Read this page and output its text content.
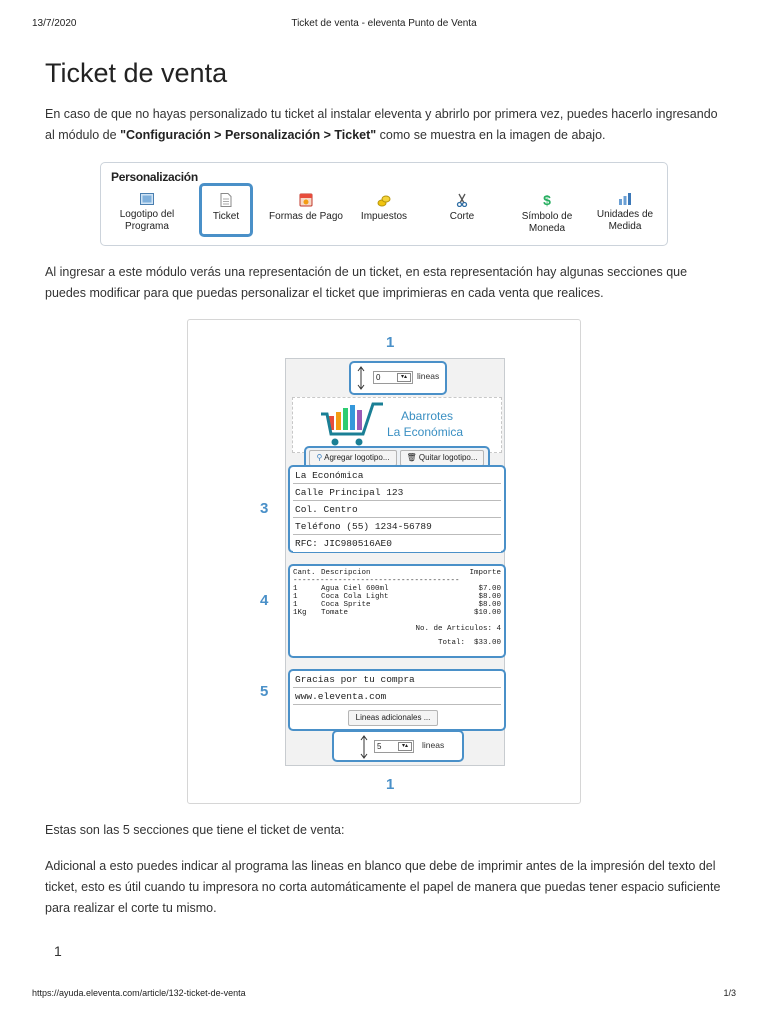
13/7/2020	Ticket de venta - eleventa Punto de Venta
Ticket de venta

En caso de que no hayas personalizado tu ticket al instalar eleventa y abrirlo por primera vez, puedes hacerlo ingresando al módulo de "Configuración > Personalización > Ticket" como se muestra en la imagen de abajo.

Personalización
Logotipo del
Programa
Ticket	Formas de Pago	Impuestos	Corte
$
Símbolo de
Moneda
Unidades de
Medida

Al ingresar a este módulo verás una representación de un ticket, en esta representación hay algunas secciones que puedes modificar para que puedas personalizar el ticket que imprimieras en cada venta que realices.

1
3
4
5
1
0	▾▴	lineas
Abarrotes
La Económica
⚲ Agregar logotipo...	🗑 Quitar logotipo...
La Económica
Calle Principal 123
Col. Centro
Teléfono (55) 1234-56789
RFC: JIC980516AE0
Cant. Descripcion	Importe
-------------------------------------
1	Agua Ciel 600ml	$7.00
1	Coca Cola Light	$8.00
1	Coca Sprite	$8.00
1Kg Tomate	$10.00
No. de Articulos: 4
Total:  $33.00
Gracias por tu compra
www.eleventa.com
Lineas adicionales ...
5	▾▴	lineas

Estas son las 5 secciones que tiene el ticket de venta:

Adicional a esto puedes indicar al programa las lineas en blanco que debe de imprimir antes de la impresión del texto del ticket, esto es útil cuando tu impresora no corta automáticamente el papel de manera que puedas tener espacio suficiente para realizar el corte tu mismo.

1
https://ayuda.eleventa.com/article/132-ticket-de-venta	1/3
